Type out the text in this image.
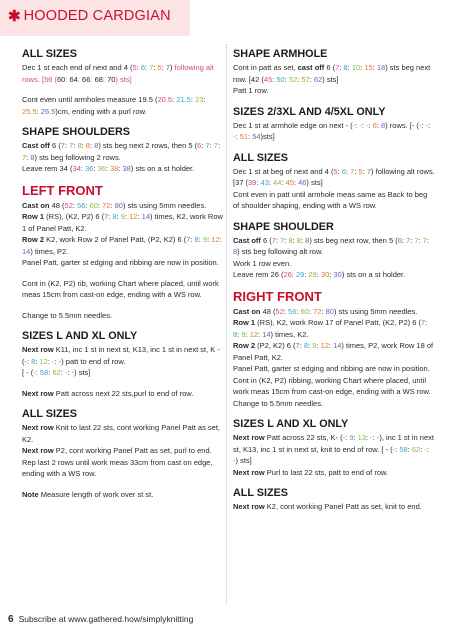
✱ HOODED CARDGIAN
ALL SIZES

Dec 1 st each end of next and 4 (5: 6: 7: 5: 7) following alt rows. [56 (60: 64: 66: 68: 70) sts]

Cont even until armholes measure 19.5 (20.5: 21.5: 23: 25.5: 26.5)cm, ending with a purl row.

SHAPE SHOULDERS

Cast off 6 (7: 7: 8: 8: 8) sts beg next 2 rows, then 5 (6: 7: 7: 7: 8) sts beg following 2 rows.

Leave rem 34 (34: 36: 36: 38: 38) sts on a st holder.

LEFT FRONT

Cast on 48 (52: 56: 60: 72: 80) sts using 5mm needles.

Row 1 (RS), (K2, P2) 6 (7: 8: 9: 12: 14) times, K2, work Row 1 of Panel Patt, K2.

Row 2 K2, work Row 2 of Panel Patt, (P2, K2) 6 (7: 8: 9: 12: 14) times, P2.

Panel Patt, garter st edging and ribbing are now in position.

Cont in (K2, P2) rib, working Chart where placed, until work meas 15cm from cast-on edge, ending with a WS row.

Change to 5.5mm needles.

SIZES L AND XL ONLY

Next row K11, inc 1 st in next st, K13, inc 1 st in next st, K - (-: 8: 12: -: -) patt to end of row.

[ - (-: 58: 62: -: -) sts]

Next row Patt across next 22 sts,purl to end of row.

ALL SIZES

Next row Knit to last 22 sts, cont working Panel Patt as set, K2.

Next row P2, cont working Panel Patt as set, purl to end.

Rep last 2 rows until work meas 33cm from cast on edge, ending with a WS row.

Note Measure length of work over st st.

SHAPE ARMHOLE

Cont in patt as set, cast off 6 (7: 8: 10: 15: 18) sts beg next row. [42 (45: 50: 52: 57: 62) sts]

Patt 1 row.

SIZES 2/3XL AND 4/5XL ONLY

Dec 1 st at armhole edge on next - (-: -: -: 6: 8) rows. [- (-: -: -: 51: 54)sts]

ALL SIZES

Dec 1 st at beg of next and 4 (5: 6: 7: 5: 7) following alt rows. [37 (39: 43: 44: 45: 46) sts]

Cont even in patt until armhole meas same as Back to beg of shoulder shaping, ending with a WS row.

SHAPE SHOULDER

Cast off 6 (7: 7: 8: 8: 8) sts beg next row, then 5 (6: 7: 7: 7: 8) sts beg following alt row.

Work 1 row even.

Leave rem 26 (26: 29: 29: 30: 30) sts on a st holder.

RIGHT FRONT

Cast on 48 (52: 56: 60: 72: 80) sts using 5mm needles.

Row 1 (RS), K2, work Row 17 of Panel Patt, (K2, P2) 6 (7: 8: 9: 12: 14) times, K2.

Row 2 (P2, K2) 6 (7: 8: 9: 12: 14) times, P2, work Row 18 of Panel Patt, K2.

Panel Patt, garter st edging and ribbing are now in position.

Cont in (K2, P2) ribbing, working Chart where placed, until work meas 15cm from cast-on edge, ending with a WS row.

Change to 5.5mm needles.

SIZES L AND XL ONLY

Next row Patt across 22 sts, K- (-: 9: 13: -: -), inc 1 st in next st, K13, inc 1 st in next st, knit to end of row. [ - (-: 58: 62: -: -) sts]

Next row Purl to last 22 sts, patt to end of row.

ALL SIZES

Next row K2, cont working Panel Patt as set, knit to end.

6 Subscribe at www.gathered.how/simplyknitting
